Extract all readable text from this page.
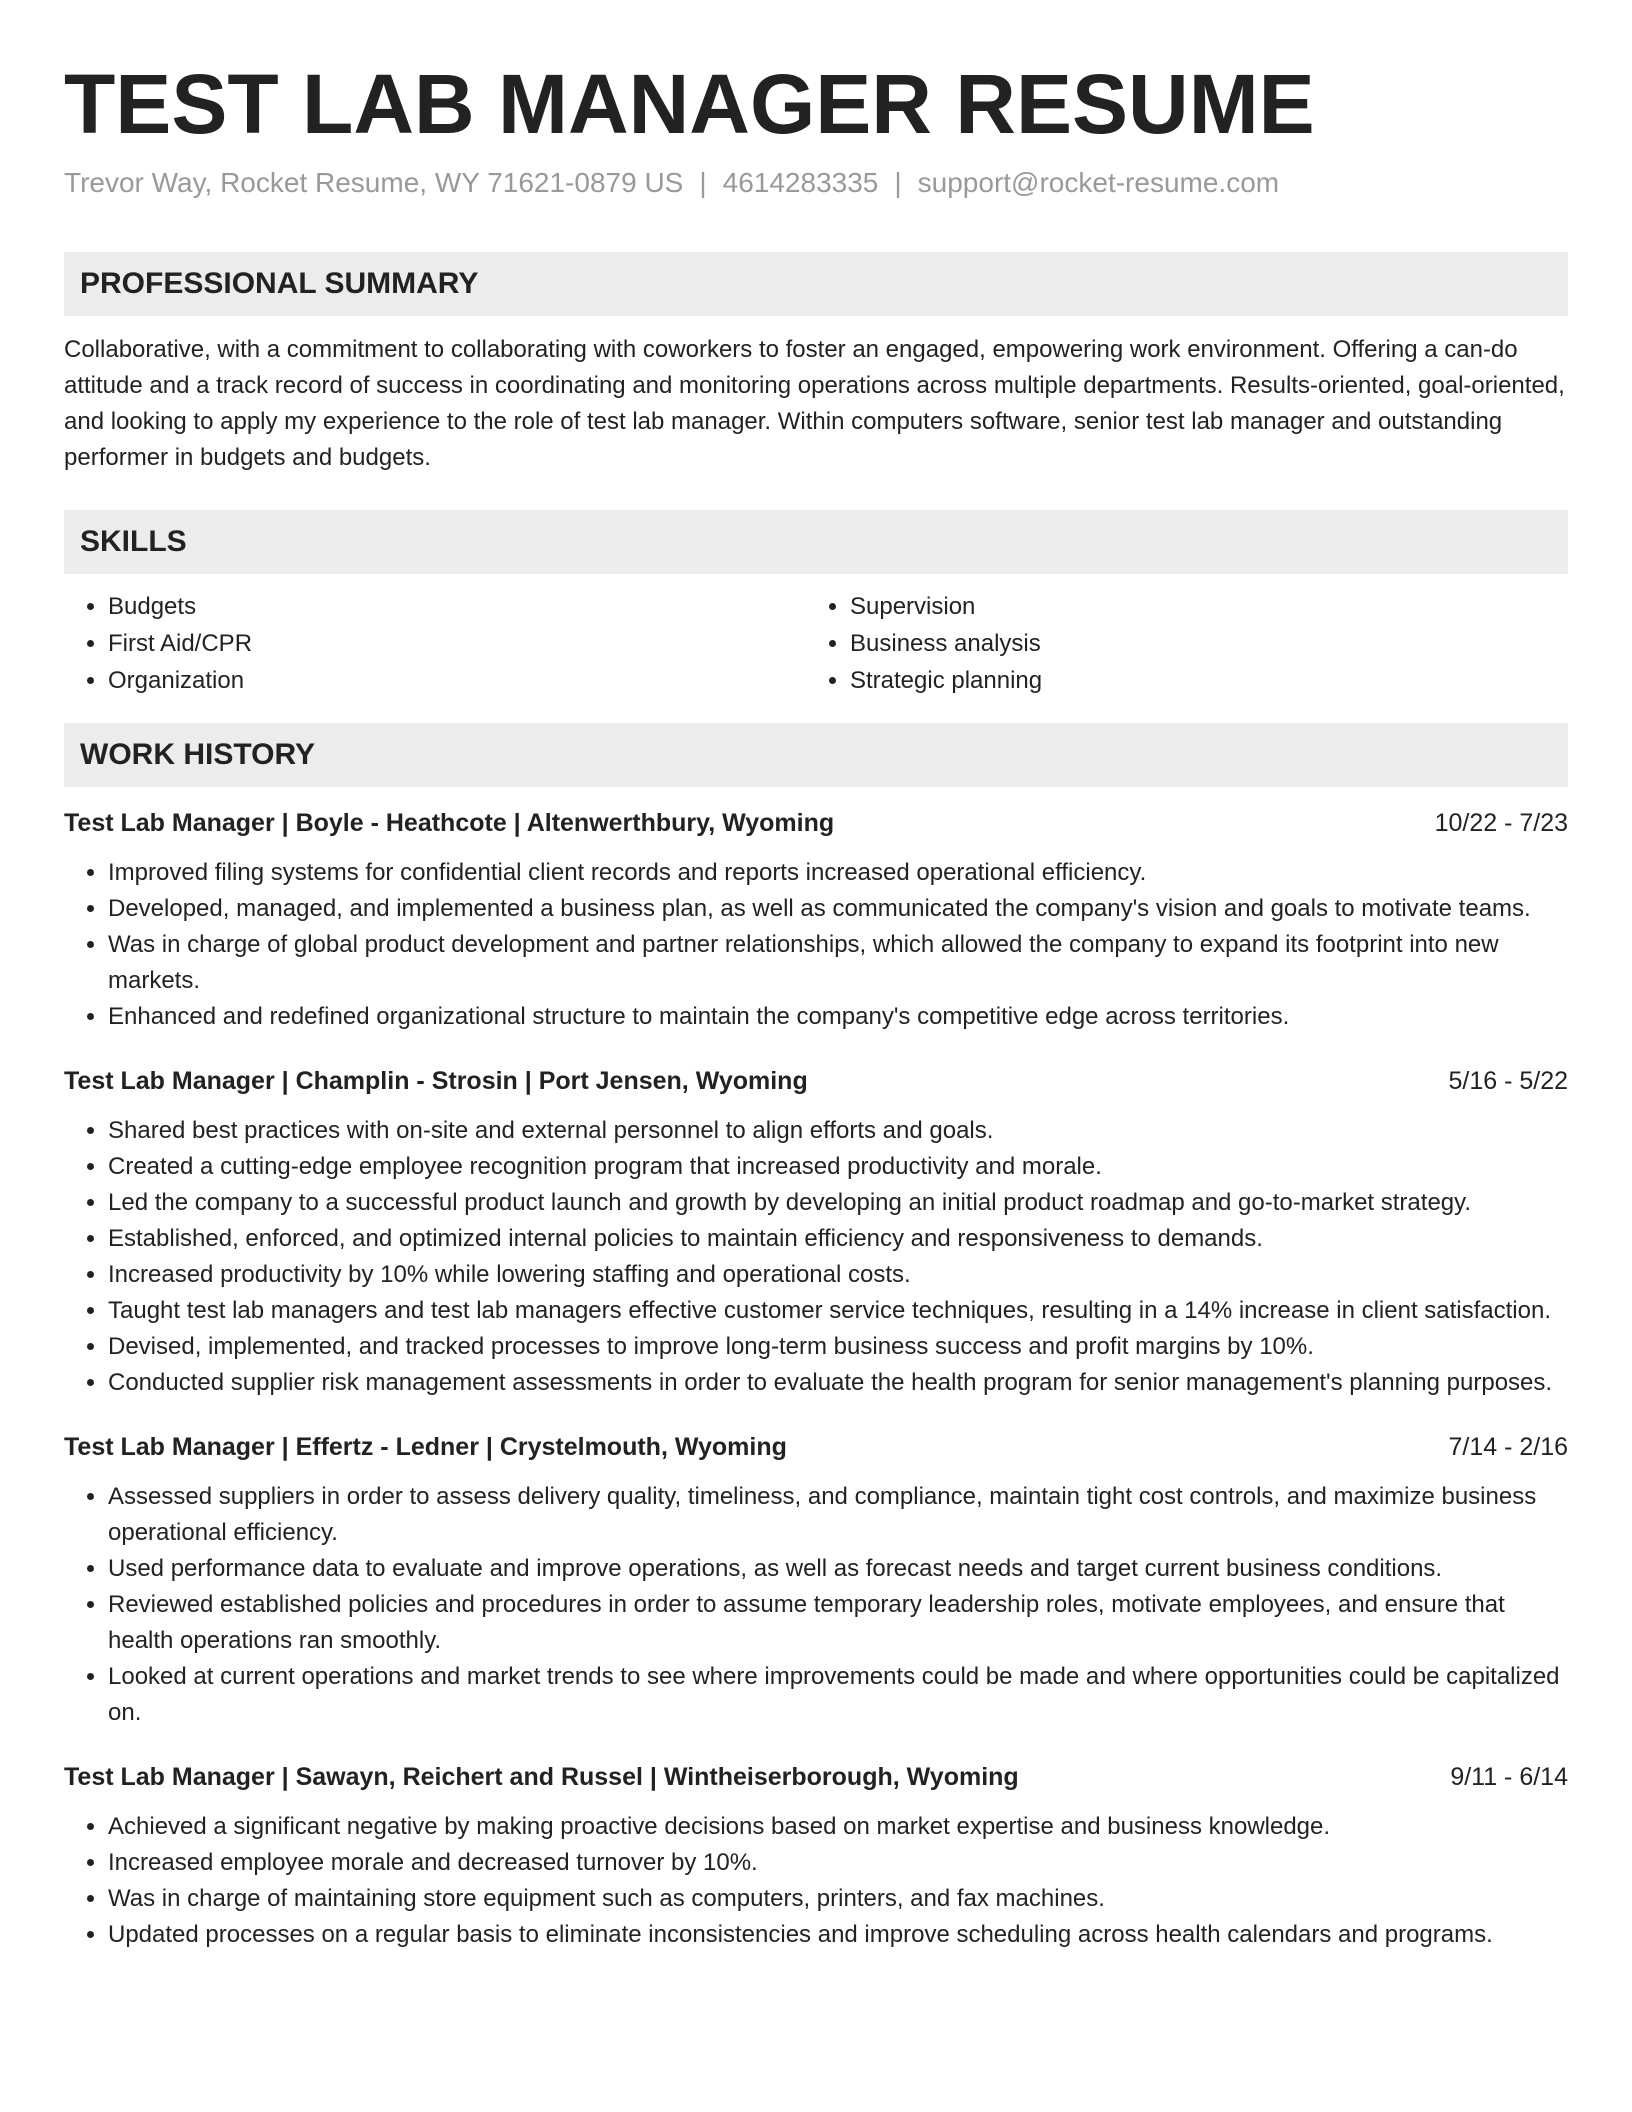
TEST LAB MANAGER RESUME
Trevor Way, Rocket Resume, WY 71621-0879 US | 4614283335 | support@rocket-resume.com
PROFESSIONAL SUMMARY
Collaborative, with a commitment to collaborating with coworkers to foster an engaged, empowering work environment. Offering a can-do attitude and a track record of success in coordinating and monitoring operations across multiple departments. Results-oriented, goal-oriented, and looking to apply my experience to the role of test lab manager. Within computers software, senior test lab manager and outstanding performer in budgets and budgets.
SKILLS
• Budgets
• First Aid/CPR
• Organization
• Supervision
• Business analysis
• Strategic planning
WORK HISTORY
Test Lab Manager | Boyle - Heathcote | Altenwerthbury, Wyoming	10/22 - 7/23
• Improved filing systems for confidential client records and reports increased operational efficiency.
• Developed, managed, and implemented a business plan, as well as communicated the company's vision and goals to motivate teams.
• Was in charge of global product development and partner relationships, which allowed the company to expand its footprint into new markets.
• Enhanced and redefined organizational structure to maintain the company's competitive edge across territories.
Test Lab Manager | Champlin - Strosin | Port Jensen, Wyoming	5/16 - 5/22
• Shared best practices with on-site and external personnel to align efforts and goals.
• Created a cutting-edge employee recognition program that increased productivity and morale.
• Led the company to a successful product launch and growth by developing an initial product roadmap and go-to-market strategy.
• Established, enforced, and optimized internal policies to maintain efficiency and responsiveness to demands.
• Increased productivity by 10% while lowering staffing and operational costs.
• Taught test lab managers and test lab managers effective customer service techniques, resulting in a 14% increase in client satisfaction.
• Devised, implemented, and tracked processes to improve long-term business success and profit margins by 10%.
• Conducted supplier risk management assessments in order to evaluate the health program for senior management's planning purposes.
Test Lab Manager | Effertz - Ledner | Crystelmouth, Wyoming	7/14 - 2/16
• Assessed suppliers in order to assess delivery quality, timeliness, and compliance, maintain tight cost controls, and maximize business operational efficiency.
• Used performance data to evaluate and improve operations, as well as forecast needs and target current business conditions.
• Reviewed established policies and procedures in order to assume temporary leadership roles, motivate employees, and ensure that health operations ran smoothly.
• Looked at current operations and market trends to see where improvements could be made and where opportunities could be capitalized on.
Test Lab Manager | Sawayn, Reichert and Russel | Wintheiserborough, Wyoming	9/11 - 6/14
• Achieved a significant negative by making proactive decisions based on market expertise and business knowledge.
• Increased employee morale and decreased turnover by 10%.
• Was in charge of maintaining store equipment such as computers, printers, and fax machines.
• Updated processes on a regular basis to eliminate inconsistencies and improve scheduling across health calendars and programs.
